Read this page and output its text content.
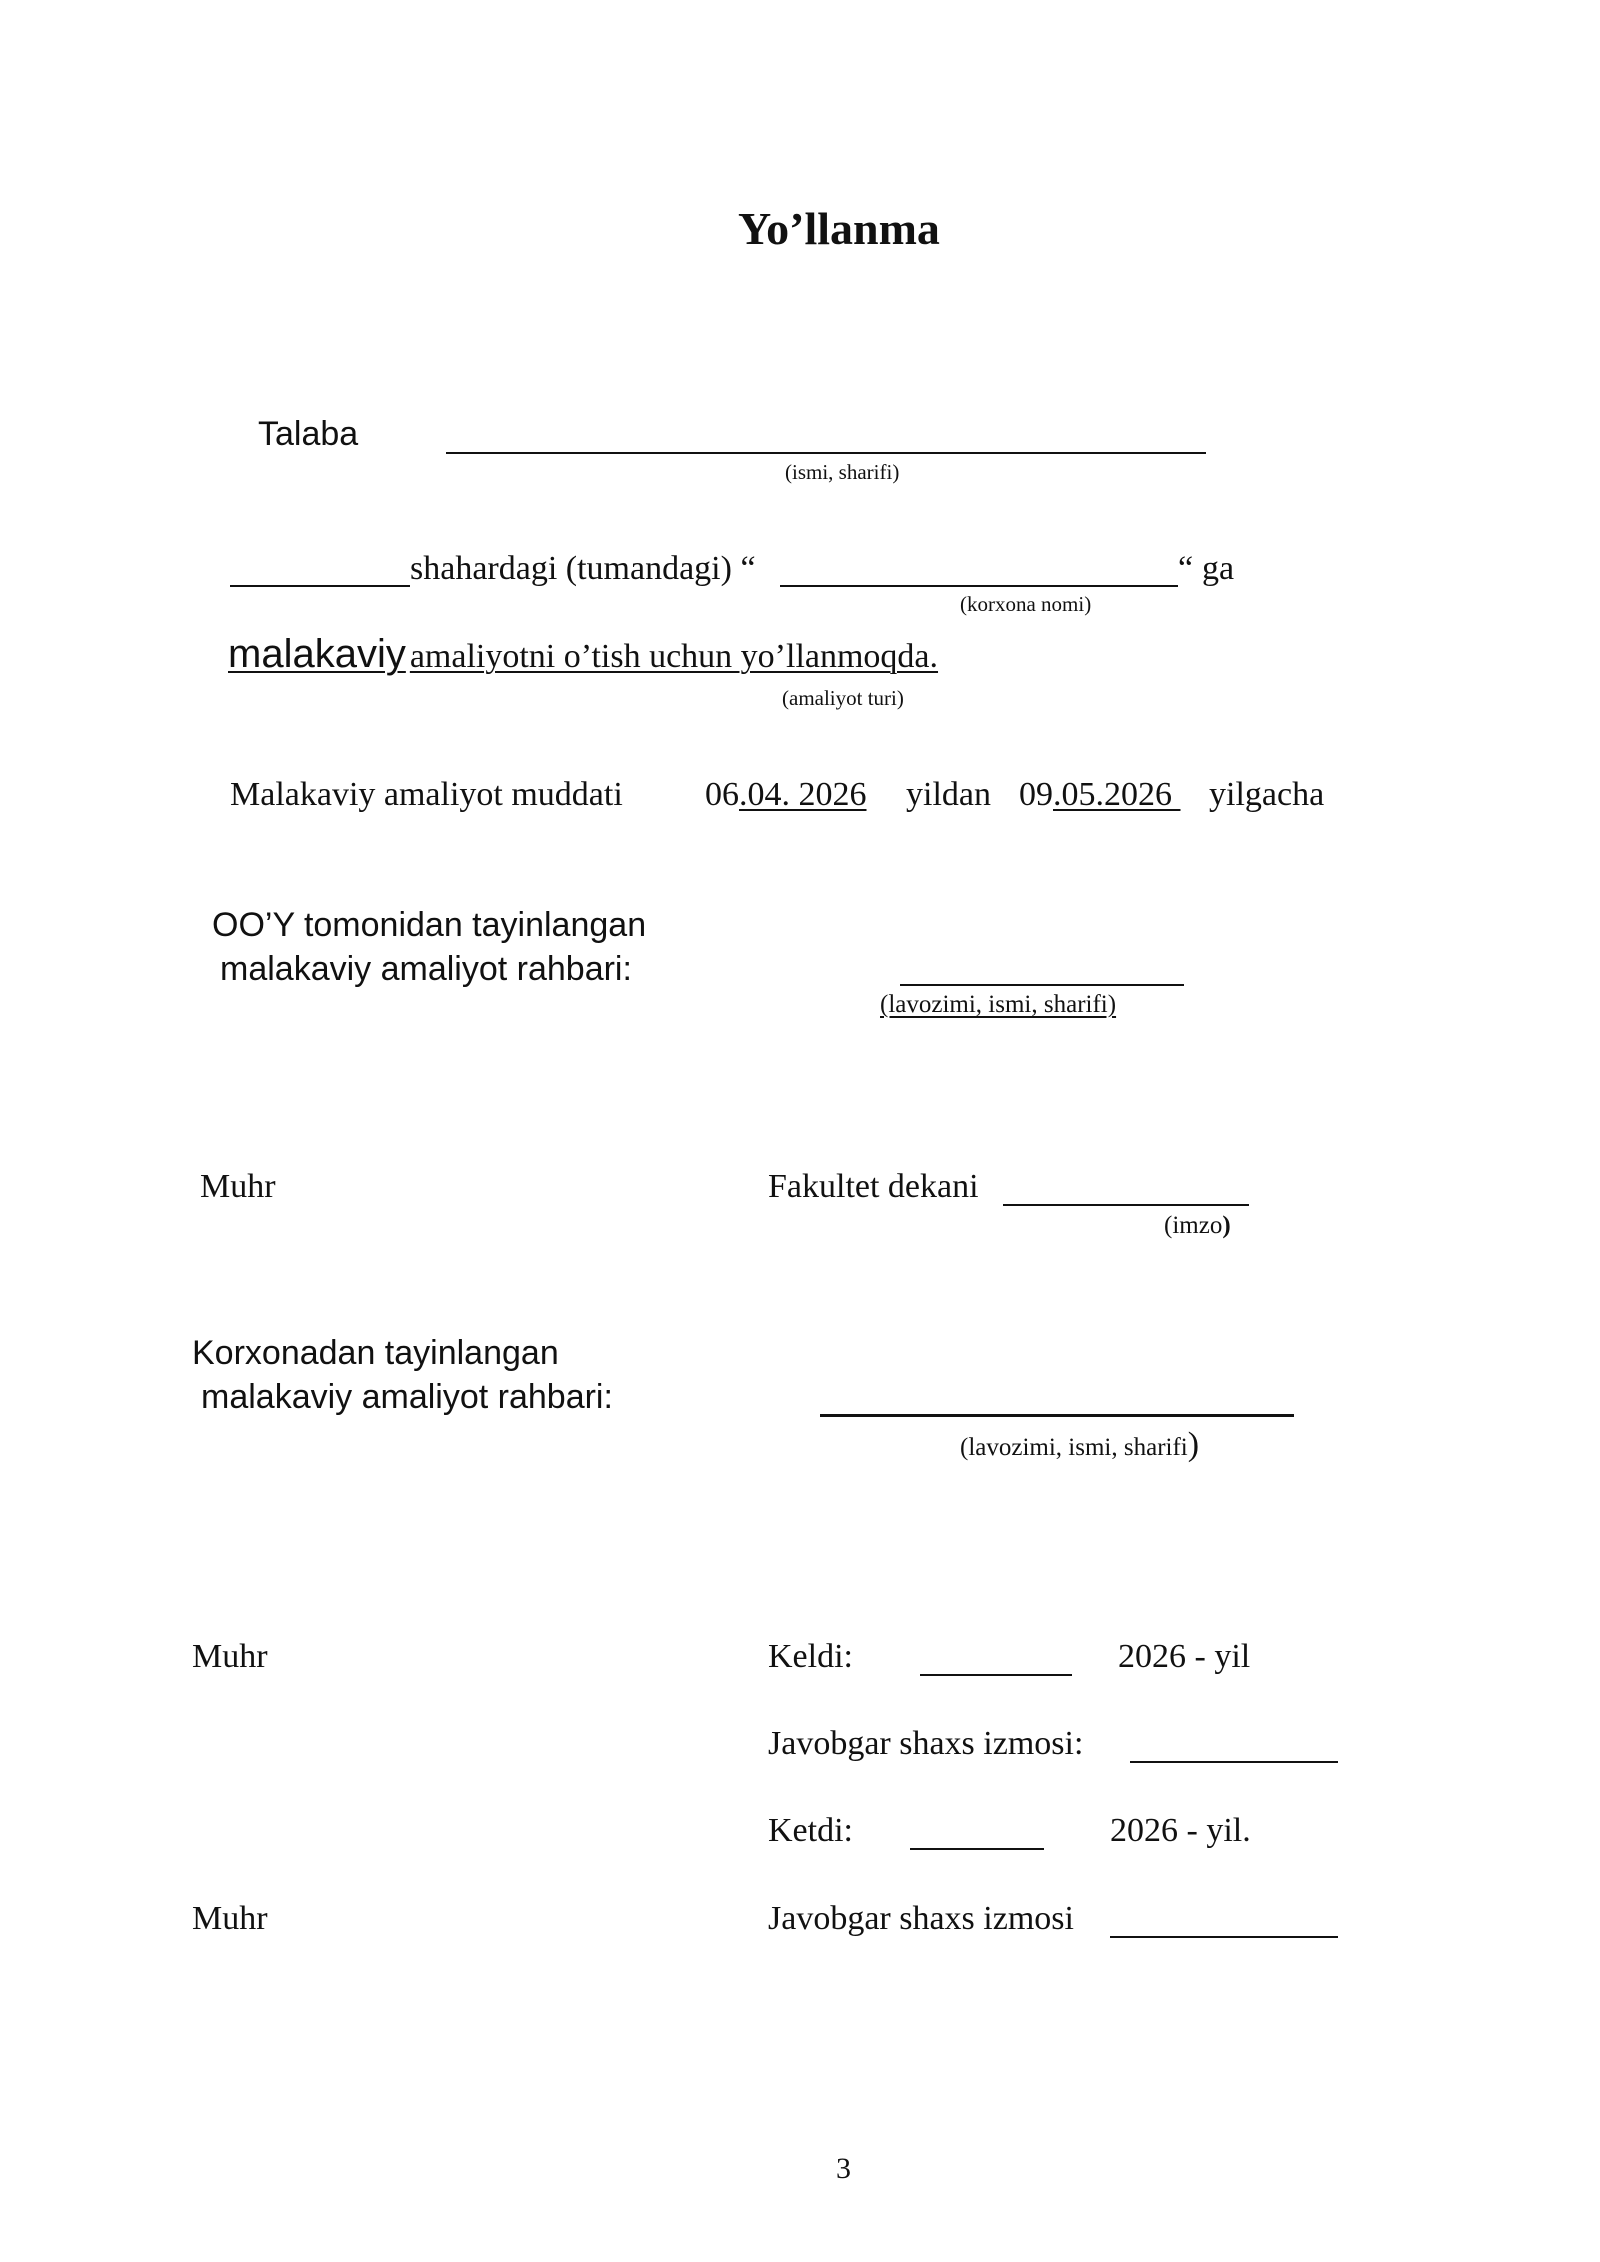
Yo’llanma
Talaba
(ismi, sharifi)
shahardagi (tumandagi) “	“ ga
(korxona nomi)
malakaviy amaliyotni o’tish uchun yo’llanmoqda.
(amaliyot turi)
Malakaviy amaliyot muddati 06.04. 2026 yildan 09.05.2026 yilgacha
OO’Y tomonidan tayinlangan
malakaviy amaliyot rahbari:
(lavozimi, ismi, sharifi)
Muhr	Fakultet dekani
(imzo)
Korxonadan tayinlangan
malakaviy amaliyot rahbari:
(lavozimi, ismi, sharifi)
Muhr	Keldi:	2026 - yil
Javobgar shaxs izmosi:
Ketdi:	2026 - yil.
Muhr	Javobgar shaxs izmosi
3
